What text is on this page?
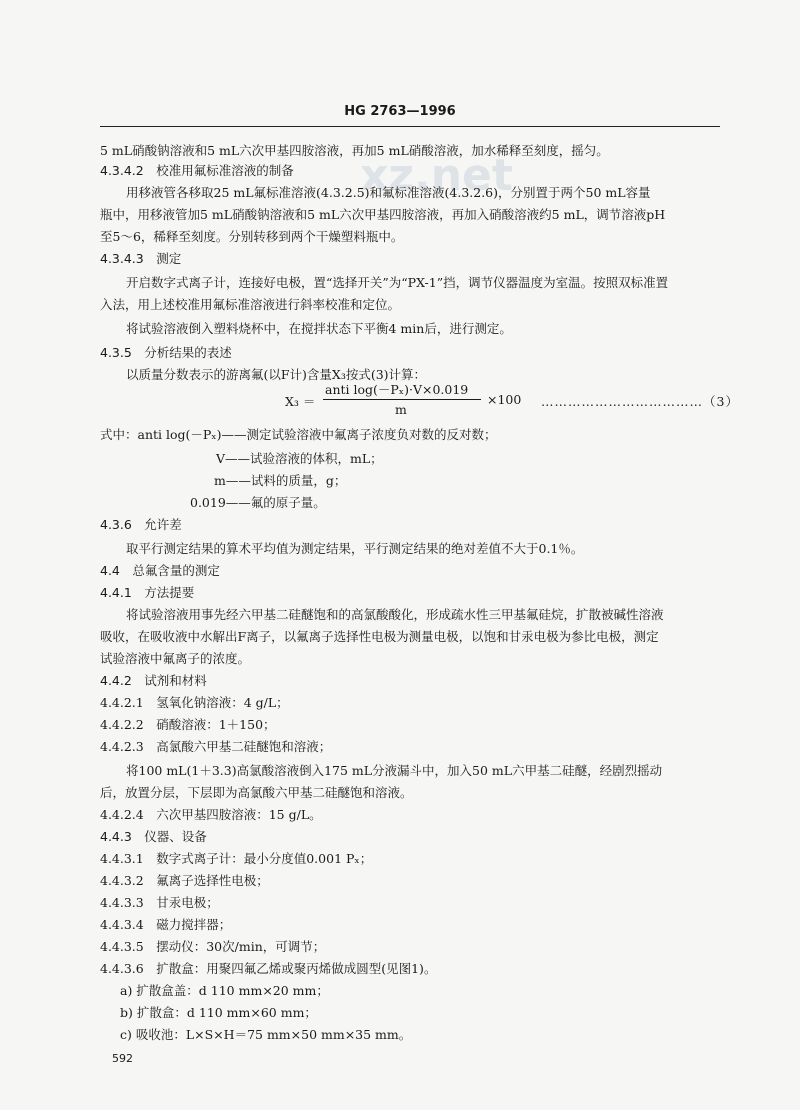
HG 2763—1996
xz.net
5 mL硝酸钠溶液和5 mL六次甲基四胺溶液，再加5 mL硝酸溶液，加水稀释至刻度，摇匀。
4.3.4.2　校准用氟标准溶液的制备
用移液管各移取25 mL氟标准溶液(4.3.2.5)和氟标准溶液(4.3.2.6)，分别置于两个50 mL容量
瓶中，用移液管加5 mL硝酸钠溶液和5 mL六次甲基四胺溶液，再加入硝酸溶液约5 mL，调节溶液pH
至5～6，稀释至刻度。分别转移到两个干燥塑料瓶中。
4.3.4.3　测定
开启数字式离子计，连接好电极，置“选择开关”为“PX-1”挡，调节仪器温度为室温。按照双标准置
入法，用上述校准用氟标准溶液进行斜率校准和定位。
将试验溶液倒入塑料烧杯中，在搅拌状态下平衡4 min后，进行测定。
4.3.5　分析结果的表述
以质量分数表示的游离氟(以F计)含量X₃按式(3)计算：
X₃ ＝
anti log(－Pₓ)·V×0.019
m
×100 ………………………………（3）
式中：anti log(－Pₓ)——测定试验溶液中氟离子浓度负对数的反对数；
V——试验溶液的体积，mL；
m——试料的质量，g；
0.019——氟的原子量。
4.3.6　允许差
取平行测定结果的算术平均值为测定结果，平行测定结果的绝对差值不大于0.1％。
4.4　总氟含量的测定
4.4.1　方法提要
将试验溶液用事先经六甲基二硅醚饱和的高氯酸酸化，形成疏水性三甲基氟硅烷，扩散被碱性溶液
吸收，在吸收液中水解出F离子，以氟离子选择性电极为测量电极，以饱和甘汞电极为参比电极，测定
试验溶液中氟离子的浓度。
4.4.2　试剂和材料
4.4.2.1　氢氧化钠溶液：4 g/L；
4.4.2.2　硝酸溶液：1＋150；
4.4.2.3　高氯酸六甲基二硅醚饱和溶液；
将100 mL(1＋3.3)高氯酸溶液倒入175 mL分液漏斗中，加入50 mL六甲基二硅醚，经剧烈摇动
后，放置分层，下层即为高氯酸六甲基二硅醚饱和溶液。
4.4.2.4　六次甲基四胺溶液：15 g/L。
4.4.3　仪器、设备
4.4.3.1　数字式离子计：最小分度值0.001 Pₓ；
4.4.3.2　氟离子选择性电极；
4.4.3.3　甘汞电极；
4.4.3.4　磁力搅拌器；
4.4.3.5　摆动仪：30次/min，可调节；
4.4.3.6　扩散盒：用聚四氟乙烯或聚丙烯做成圆型(见图1)。
a) 扩散盒盖：d 110 mm×20 mm；
b) 扩散盒：d 110 mm×60 mm；
c) 吸收池：L×S×H＝75 mm×50 mm×35 mm。
592
